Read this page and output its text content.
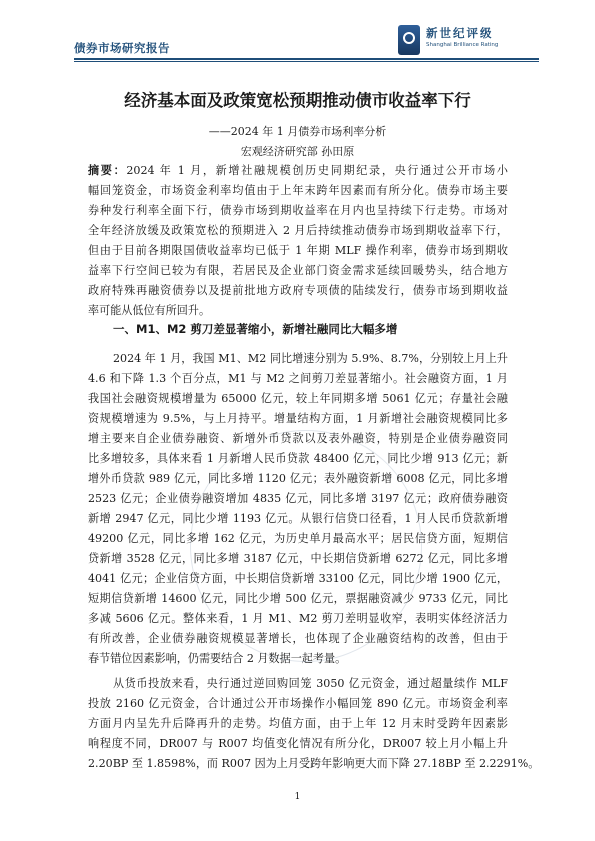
债券市场研究报告
新世纪评级
Shanghai Brilliance Rating
经济基本面及政策宽松预期推动债市收益率下行
——2024 年 1 月债券市场利率分析
宏观经济研究部 孙田原
摘要：2024 年 1 月，新增社融规模创历史同期纪录，央行通过公开市场小
幅回笼资金，市场资金利率均值由于上年末跨年因素而有所分化。债券市场主要
券种发行利率全面下行，债券市场到期收益率在月内也呈持续下行走势。市场对
全年经济放缓及政策宽松的预期进入 2 月后持续推动债券市场到期收益率下行，
但由于目前各期限国债收益率均已低于 1 年期 MLF 操作利率，债券市场到期收
益率下行空间已较为有限，若居民及企业部门资金需求延续回暖势头，结合地方
政府特殊再融资债券以及提前批地方政府专项债的陆续发行，债券市场到期收益
率可能从低位有所回升。
一、M1、M2 剪刀差显著缩小，新增社融同比大幅多增
2024 年 1 月，我国 M1、M2 同比增速分别为 5.9%、8.7%，分别较上月上升
4.6 和下降 1.3 个百分点，M1 与 M2 之间剪刀差显著缩小。社会融资方面，1 月
我国社会融资规模增量为 65000 亿元，较上年同期多增 5061 亿元；存量社会融
资规模增速为 9.5%，与上月持平。增量结构方面，1 月新增社会融资规模同比多
增主要来自企业债券融资、新增外币贷款以及表外融资，特别是企业债券融资同
比多增较多，具体来看 1 月新增人民币贷款 48400 亿元，同比少增 913 亿元；新
增外币贷款 989 亿元，同比多增 1120 亿元；表外融资新增 6008 亿元，同比多增
2523 亿元；企业债券融资增加 4835 亿元，同比多增 3197 亿元；政府债券融资
新增 2947 亿元，同比少增 1193 亿元。从银行信贷口径看，1 月人民币贷款新增
49200 亿元，同比多增 162 亿元，为历史单月最高水平；居民信贷方面，短期信
贷新增 3528 亿元，同比多增 3187 亿元，中长期信贷新增 6272 亿元，同比多增
4041 亿元；企业信贷方面，中长期信贷新增 33100 亿元，同比少增 1900 亿元，
短期信贷新增 14600 亿元，同比少增 500 亿元，票据融资减少 9733 亿元，同比
多减 5606 亿元。整体来看，1 月 M1、M2 剪刀差明显收窄，表明实体经济活力
有所改善，企业债券融资规模显著增长，也体现了企业融资结构的改善，但由于
春节错位因素影响，仍需要结合 2 月数据一起考量。
从货币投放来看，央行通过逆回购回笼 3050 亿元资金，通过超量续作 MLF
投放 2160 亿元资金，合计通过公开市场操作小幅回笼 890 亿元。市场资金利率
方面月内呈先升后降再升的走势。均值方面，由于上年 12 月末时受跨年因素影
响程度不同，DR007 与 R007 均值变化情况有所分化，DR007 较上月小幅上升
2.20BP 至 1.8598%，而 R007 因为上月受跨年影响更大而下降 27.18BP 至 2.2291%。
1
